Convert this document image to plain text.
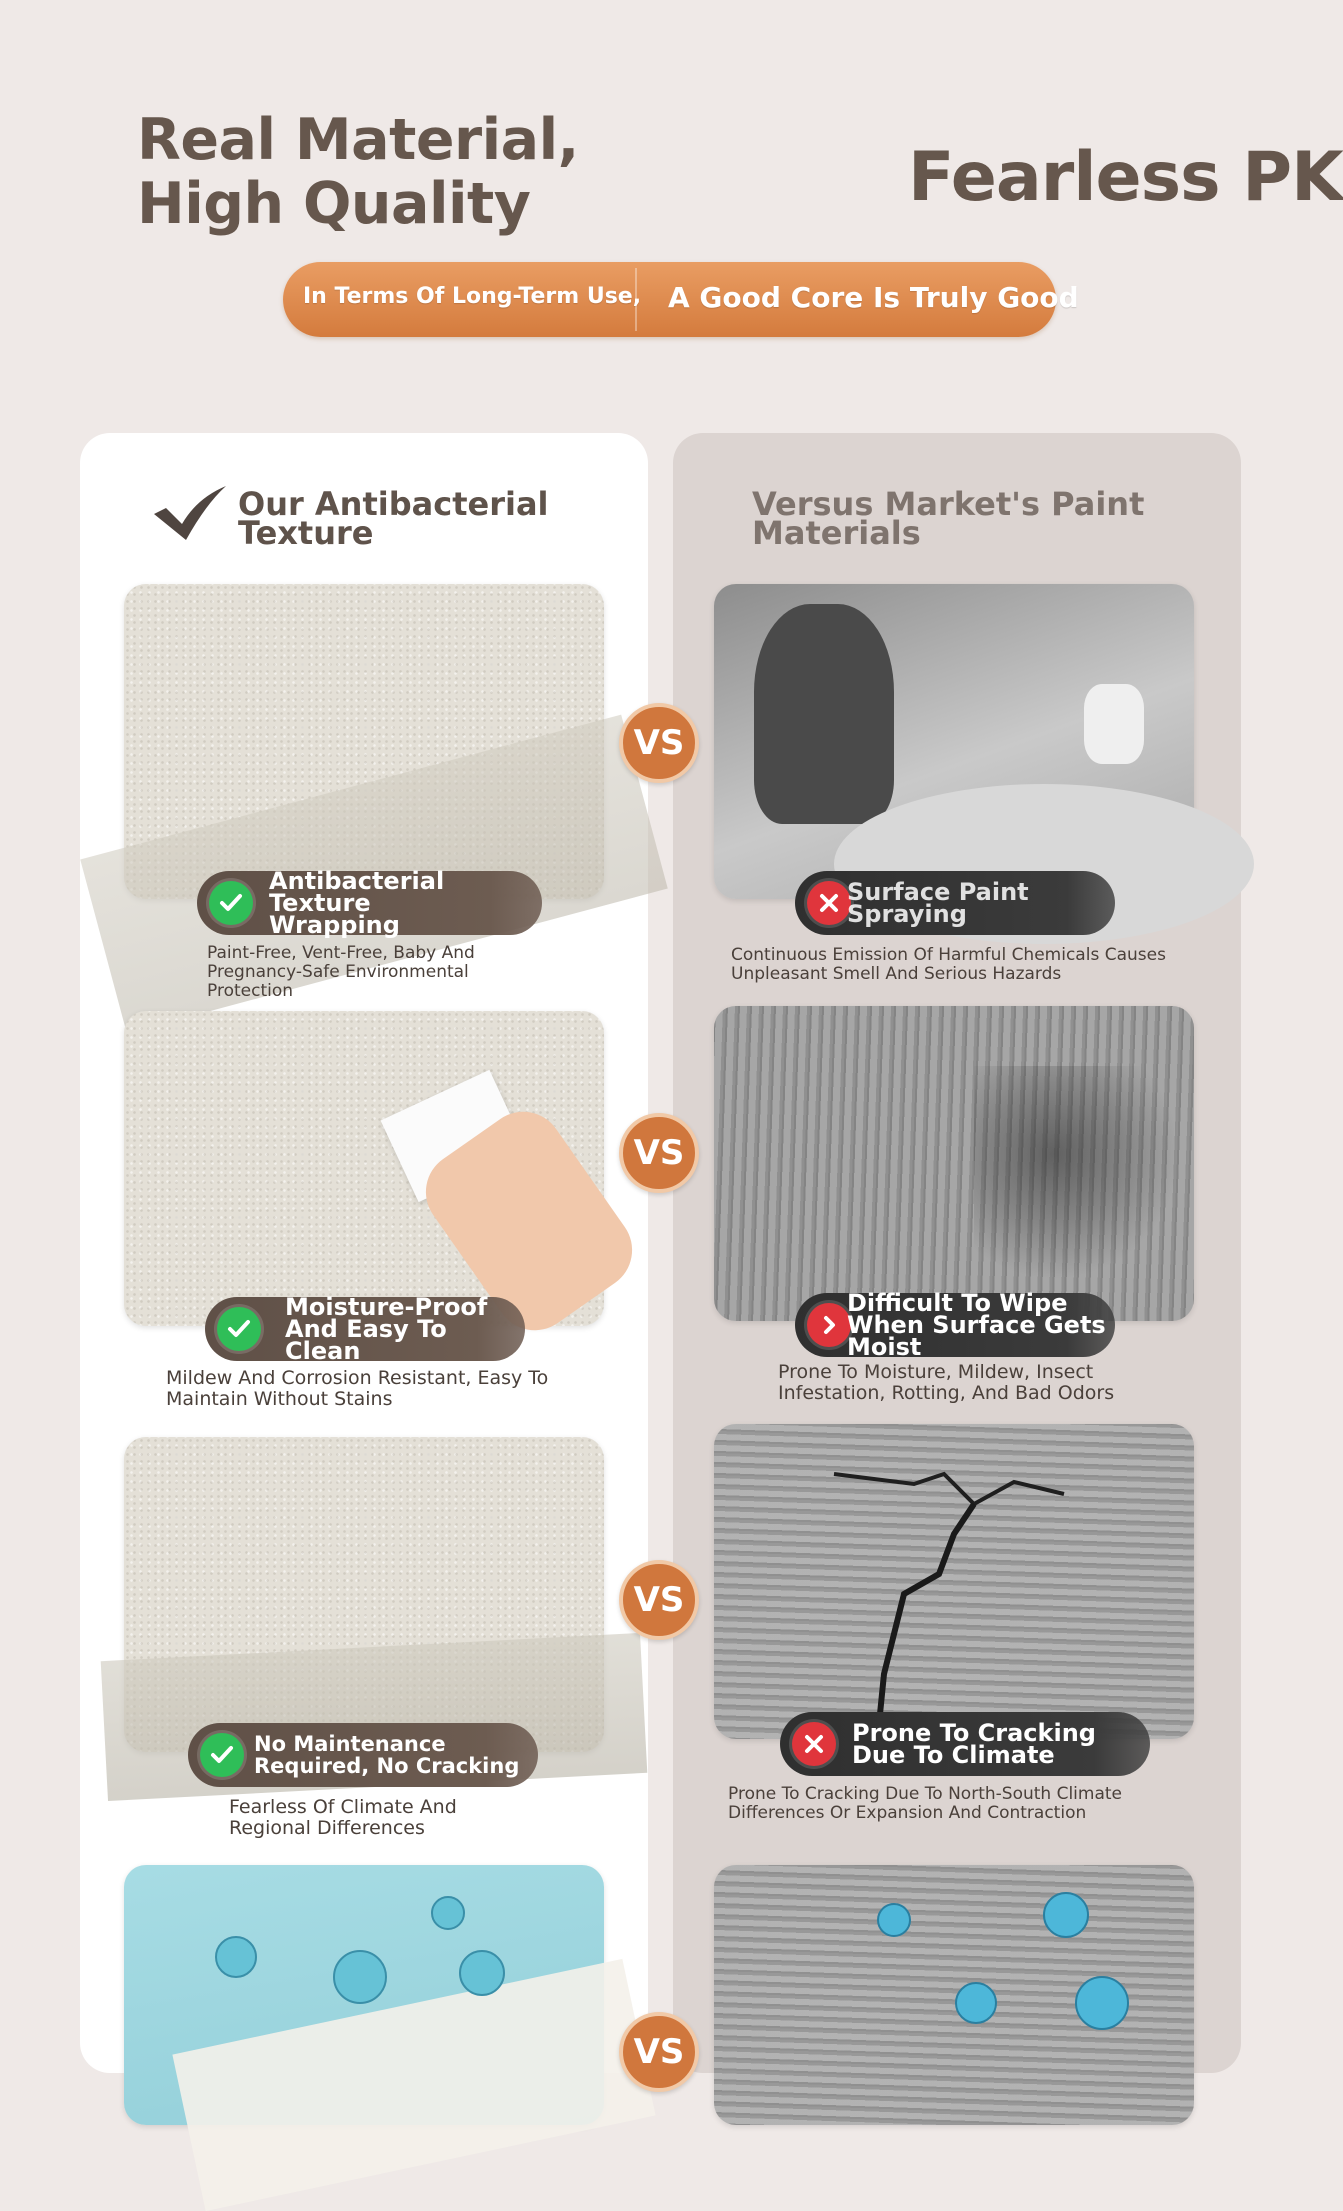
Real Material, High Quality	Fearless PK
In Terms Of Long-Term Use, A Good Core Is Truly Good
Our Antibacterial Texture
Versus Market's Paint Materials
Antibacterial Texture Wrapping
Paint-Free, Vent-Free, Baby And Pregnancy-Safe Environmental Protection
Surface Paint Spraying
Continuous Emission Of Harmful Chemicals Causes Unpleasant Smell And Serious Hazards
VS
Moisture-Proof And Easy To Clean
Mildew And Corrosion Resistant, Easy To Maintain Without Stains
Difficult To Wipe When Surface Gets Moist
Prone To Moisture, Mildew, Insect Infestation, Rotting, And Bad Odors
VS
No Maintenance Required, No Cracking
Fearless Of Climate And Regional Differences
Prone To Cracking Due To Climate
Prone To Cracking Due To North-South Climate Differences Or Expansion And Contraction
VS
VS
